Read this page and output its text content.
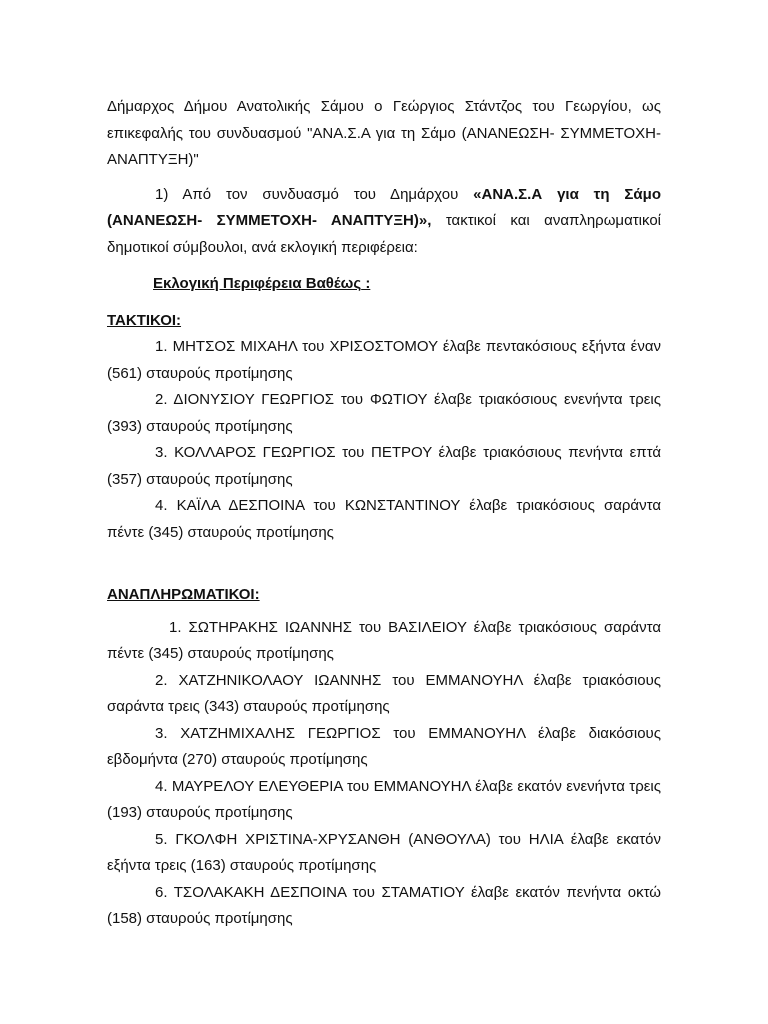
Δήμαρχος Δήμου Ανατολικής Σάμου ο Γεώργιος Στάντζος του Γεωργίου, ως επικεφαλής του συνδυασμού "ΑΝΑ.Σ.Α για τη Σάμο (ΑΝΑΝΕΩΣΗ- ΣΥΜΜΕΤΟΧΗ- ΑΝΑΠΤΥΞΗ)"

1) Από τον συνδυασμό του Δημάρχου «ΑΝΑ.Σ.Α για τη Σάμο (ΑΝΑΝΕΩΣΗ- ΣΥΜΜΕΤΟΧΗ- ΑΝΑΠΤΥΞΗ)», τακτικοί και αναπληρωματικοί δημοτικοί σύμβουλοι, ανά εκλογική περιφέρεια:

Εκλογική Περιφέρεια Βαθέως :

ΤΑΚΤΙΚΟΙ:

1. ΜΗΤΣΟΣ ΜΙΧΑΗΛ του ΧΡΙΣΟΣΤΟΜΟΥ έλαβε πεντακόσιους εξήντα έναν (561) σταυρούς προτίμησης

2. ΔΙΟΝΥΣΙΟΥ ΓΕΩΡΓΙΟΣ του ΦΩΤΙΟΥ έλαβε τριακόσιους ενενήντα τρεις (393) σταυρούς προτίμησης

3. ΚΟΛΛΑΡΟΣ ΓΕΩΡΓΙΟΣ του ΠΕΤΡΟΥ έλαβε τριακόσιους πενήντα επτά (357) σταυρούς προτίμησης

4. ΚΑΪΛΑ ΔΕΣΠΟΙΝΑ του ΚΩΝΣΤΑΝΤΙΝΟΥ έλαβε τριακόσιους σαράντα πέντε (345) σταυρούς προτίμησης

ΑΝΑΠΛΗΡΩΜΑΤΙΚΟΙ:

1. ΣΩΤΗΡΑΚΗΣ ΙΩΑΝΝΗΣ του ΒΑΣΙΛΕΙΟΥ έλαβε τριακόσιους σαράντα πέντε (345) σταυρούς προτίμησης

2. ΧΑΤΖΗΝΙΚΟΛΑΟΥ ΙΩΑΝΝΗΣ του ΕΜΜΑΝΟΥΗΛ έλαβε τριακόσιους σαράντα τρεις (343) σταυρούς προτίμησης

3. ΧΑΤΖΗΜΙΧΑΛΗΣ ΓΕΩΡΓΙΟΣ του ΕΜΜΑΝΟΥΗΛ έλαβε διακόσιους εβδομήντα (270) σταυρούς προτίμησης

4. ΜΑΥΡΕΛΟΥ ΕΛΕΥΘΕΡΙΑ του ΕΜΜΑΝΟΥΗΛ έλαβε εκατόν ενενήντα τρεις (193) σταυρούς προτίμησης

5. ΓΚΟΛΦΗ ΧΡΙΣΤΙΝΑ-ΧΡΥΣΑΝΘΗ (ΑΝΘΟΥΛΑ) του ΗΛΙΑ έλαβε εκατόν εξήντα τρεις (163) σταυρούς προτίμησης

6. ΤΣΟΛΑΚΑΚΗ ΔΕΣΠΟΙΝΑ του ΣΤΑΜΑΤΙΟΥ έλαβε εκατόν πενήντα οκτώ (158) σταυρούς προτίμησης
